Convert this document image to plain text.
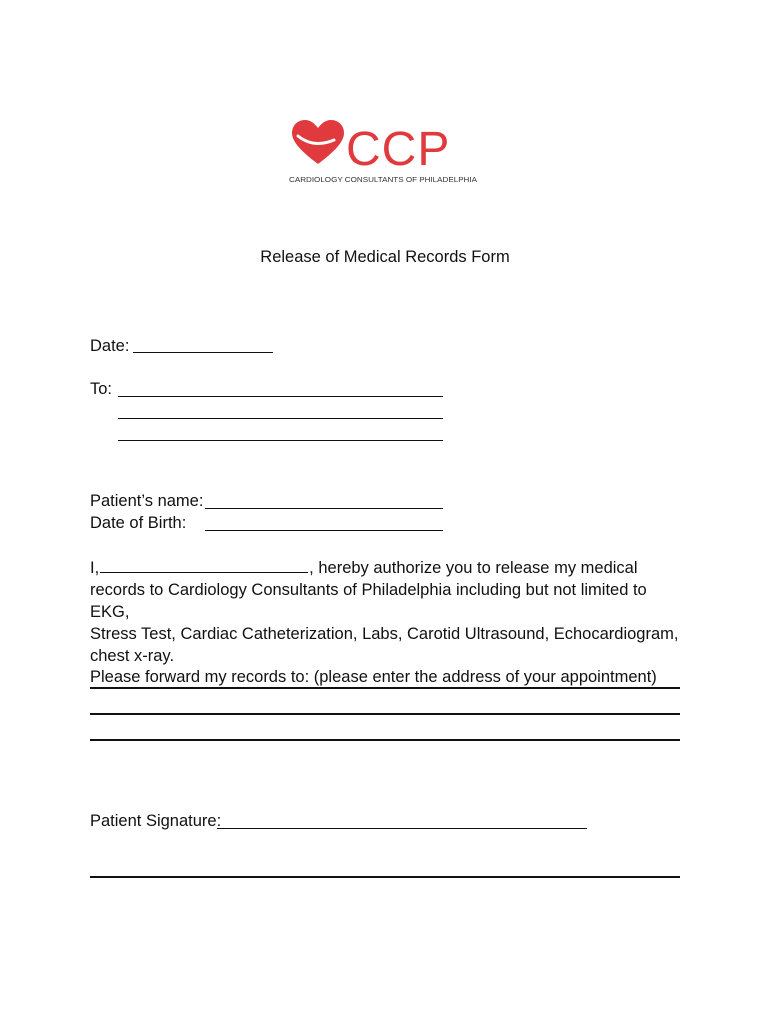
CCP
CARDIOLOGY CONSULTANTS OF PHILADELPHIA
Release of Medical Records Form
Date:
To:
Patient’s name:
Date of Birth:
I,	, hereby authorize you to release my medical
records to Cardiology Consultants of Philadelphia including but not limited to EKG,
Stress Test, Cardiac Catheterization, Labs, Carotid Ultrasound, Echocardiogram,
chest x-ray.
Please forward my records to: (please enter the address of your appointment)
Patient Signature:
